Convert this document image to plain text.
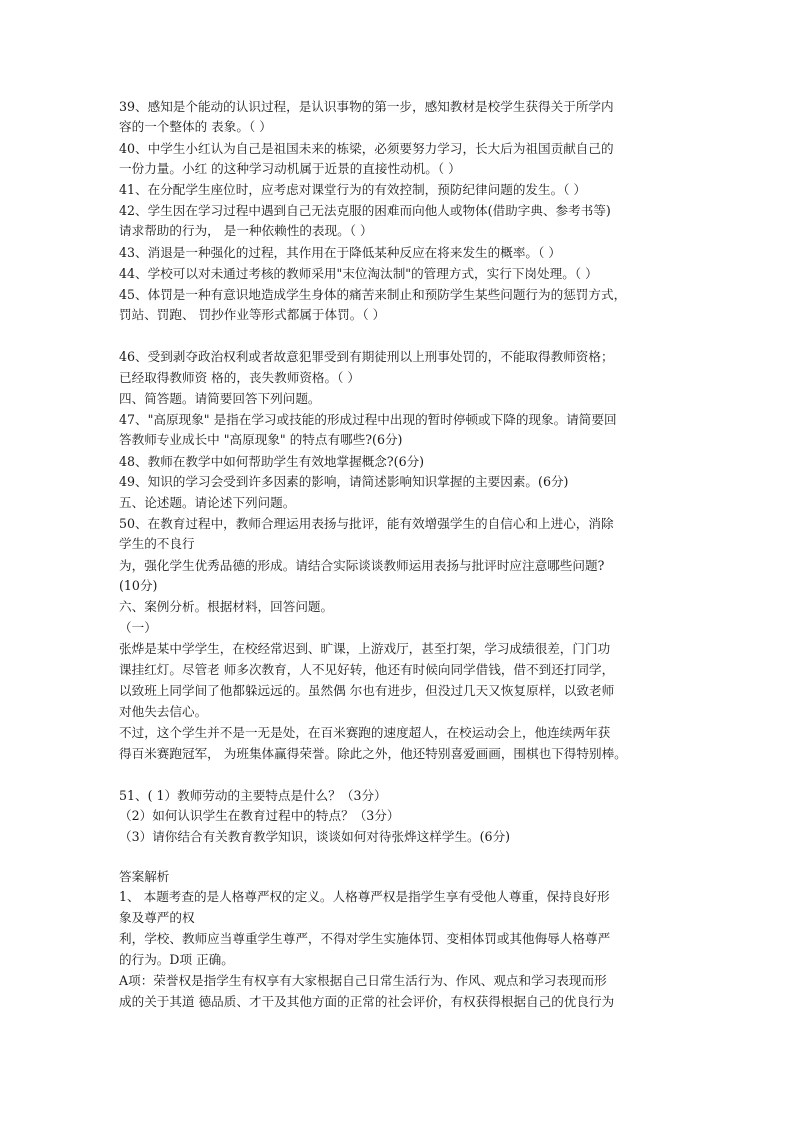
39、感知是个能动的认识过程，是认识事物的第一步，感知教材是校学生获得关于所学内
容的一个整体的 表象。（ ）
40、中学生小红认为自己是祖国未来的栋梁，必须要努力学习，长大后为祖国贡献自己的
一份力量。小红 的这种学习动机属于近景的直接性动机。（ ）
41、在分配学生座位时，应考虑对课堂行为的有效控制，预防纪律问题的发生。（ ）
42、学生因在学习过程中遇到自己无法克服的困难而向他人或物体(借助字典、参考书等)
请求帮助的行为， 是一种依赖性的表现。（ ）
43、消退是一种强化的过程，其作用在于降低某种反应在将来发生的概率。（ ）
44、学校可以对未通过考核的教师采用"末位淘汰制"的管理方式，实行下岗处理。（ ）
45、体罚是一种有意识地造成学生身体的痛苦来制止和预防学生某些问题行为的惩罚方式，
罚站、罚跑、 罚抄作业等形式都属于体罚。（ ）
46、受到剥夺政治权利或者故意犯罪受到有期徒刑以上刑事处罚的，不能取得教师资格；
已经取得教师资 格的，丧失教师资格。（ ）
四、简答题。请简要回答下列问题。
47、"高原现象" 是指在学习或技能的形成过程中出现的暂时停顿或下降的现象。请简要回
答教师专业成长中 "高原现象" 的特点有哪些?(6分)
48、教师在教学中如何帮助学生有效地掌握概念?(6分)
49、知识的学习会受到许多因素的影响，请简述影响知识掌握的主要因素。(6分)
五、论述题。请论述下列问题。
50、在教育过程中，教师合理运用表扬与批评，能有效增强学生的自信心和上进心，消除
学生的不良行
为，强化学生优秀品德的形成。请结合实际谈谈教师运用表扬与批评时应注意哪些问题?
(10分)
六、案例分析。根据材料，回答问题。
（一）
张烨是某中学学生，在校经常迟到、旷课，上游戏厅，甚至打架，学习成绩很差，门门功
课挂红灯。尽管老 师多次教育，人不见好转，他还有时候向同学借钱，借不到还打同学，
以致班上同学间了他都躲远远的。虽然偶 尔也有进步，但没过几天又恢复原样，以致老师
对他失去信心。
不过，这个学生并不是一无是处，在百米赛跑的速度超人，在校运动会上，他连续两年获
得百米赛跑冠军， 为班集体赢得荣誉。除此之外，他还特别喜爱画画，围棋也下得特别棒。
51、( 1）教师劳动的主要特点是什么？（3分）
（2）如何认识学生在教育过程中的特点？（3分）
（3）请你结合有关教育教学知识，谈谈如何对待张烨这样学生。(6分)
答案解析
1、 本题考查的是人格尊严权的定义。人格尊严权是指学生享有受他人尊重，保持良好形
象及尊严的权
利，学校、教师应当尊重学生尊严，不得对学生实施体罚、变相体罚或其他侮辱人格尊严
的行为。D项 正确。
A项：荣誉权是指学生有权享有大家根据自己日常生活行为、作风、观点和学习表现而形
成的关于其道 德品质、才干及其他方面的正常的社会评价，有权获得根据自己的优良行为
